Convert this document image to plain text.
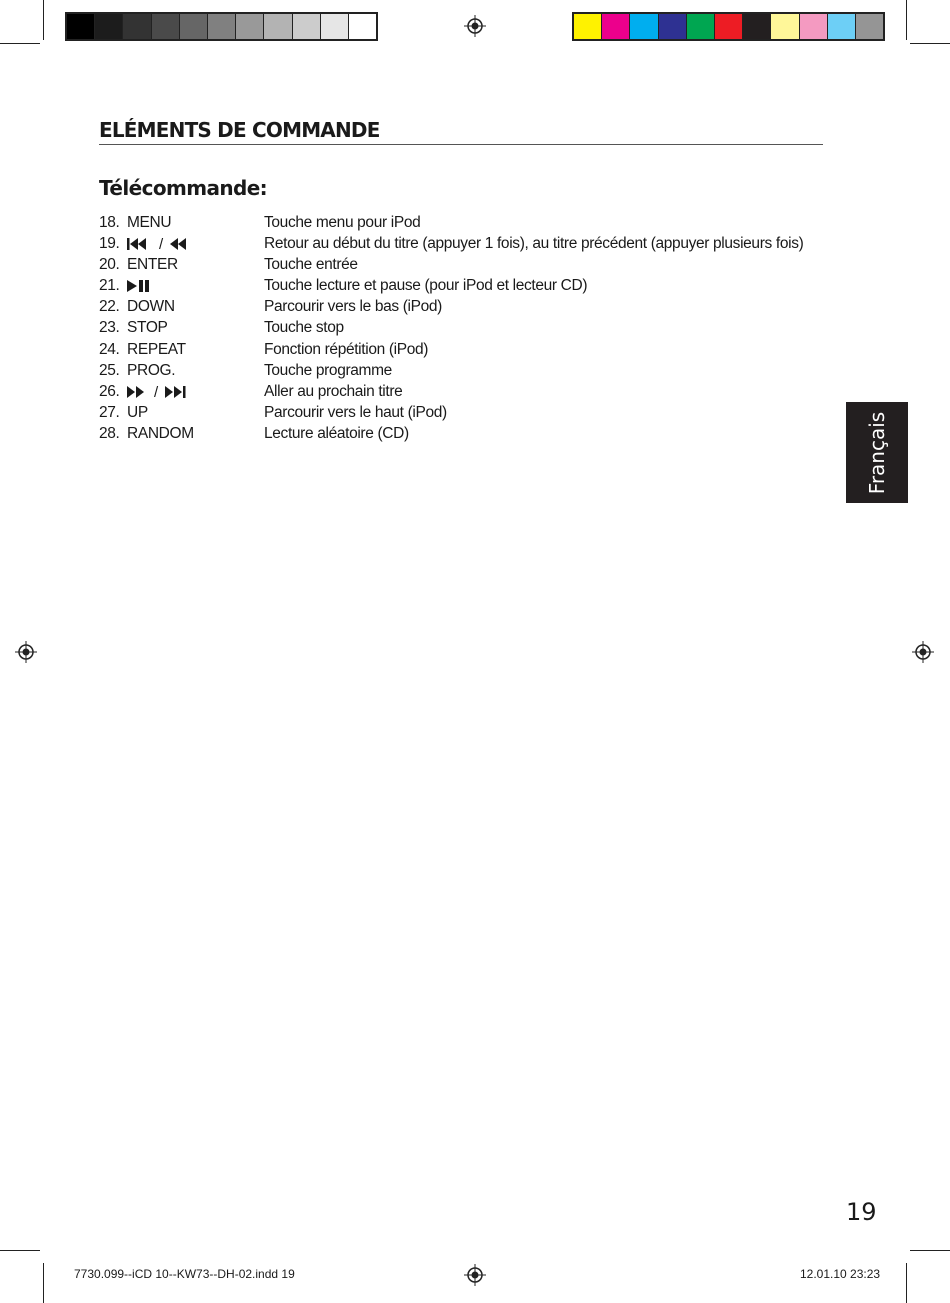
ELÉMENTS DE COMMANDE
Télécommande:
18. MENU	Touche menu pour iPod
19.	/	Retour au début du titre (appuyer 1 fois), au titre précédent (appuyer plusieurs fois)
20. ENTER	Touche entrée
21.	Touche lecture et pause (pour iPod et lecteur CD)
22. DOWN	Parcourir vers le bas (iPod)
23. STOP	Touche stop
24. REPEAT	Fonction répétition (iPod)
25. PROG.	Touche programme
26. /	Aller au prochain titre
27. UP	Parcourir vers le haut (iPod)
28. RANDOM	Lecture aléatoire (CD)	Français
19
7730.099--iCD 10--KW73--DH-02.indd 19	12.01.10 23:23
